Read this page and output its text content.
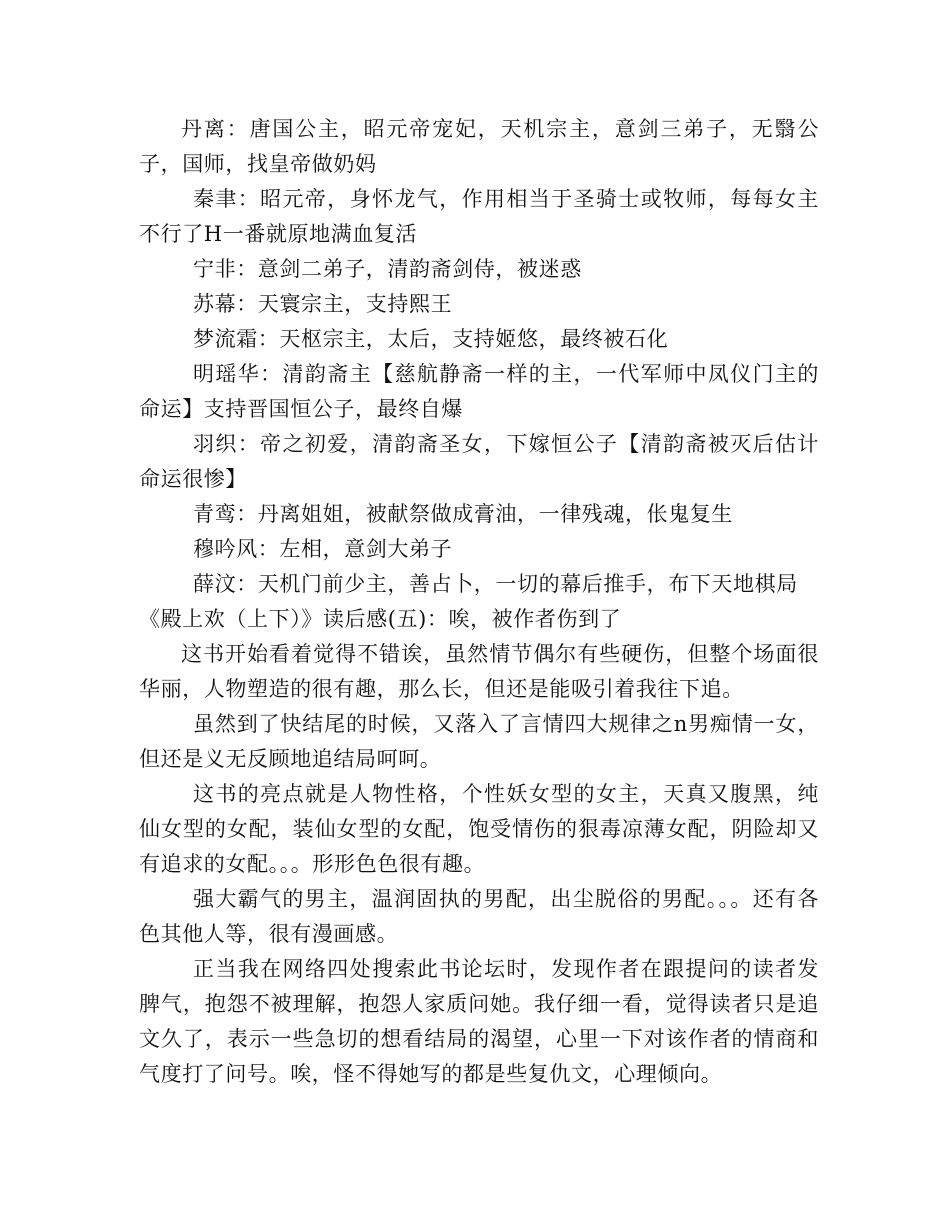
丹离：唐国公主，昭元帝宠妃，天机宗主，意剑三弟子，无翳公子，国师，找皇帝做奶妈

秦聿：昭元帝，身怀龙气，作用相当于圣骑士或牧师，每每女主不行了H一番就原地满血复活

宁非：意剑二弟子，清韵斋剑侍，被迷惑

苏幕：天寰宗主，支持熙王

梦流霜：天枢宗主，太后，支持姬悠，最终被石化

明瑶华：清韵斋主【慈航静斋一样的主，一代军师中凤仪门主的命运】支持晋国恒公子，最终自爆

羽织：帝之初爱，清韵斋圣女，下嫁恒公子【清韵斋被灭后估计命运很惨】

青鸾：丹离姐姐，被献祭做成膏油，一律残魂，伥鬼复生

穆吟风：左相，意剑大弟子

薛汶：天机门前少主，善占卜，一切的幕后推手，布下天地棋局

《殿上欢（上下）》读后感(五)：唉，被作者伤到了

这书开始看着觉得不错诶，虽然情节偶尔有些硬伤，但整个场面很华丽，人物塑造的很有趣，那么长，但还是能吸引着我往下追。

虽然到了快结尾的时候，又落入了言情四大规律之n男痴情一女，但还是义无反顾地追结局呵呵。

这书的亮点就是人物性格，个性妖女型的女主，天真又腹黑，纯仙女型的女配，装仙女型的女配，饱受情伤的狠毒凉薄女配，阴险却又有追求的女配。。。形形色色很有趣。

强大霸气的男主，温润固执的男配，出尘脱俗的男配。。。还有各色其他人等，很有漫画感。

正当我在网络四处搜索此书论坛时，发现作者在跟提问的读者发脾气，抱怨不被理解，抱怨人家质问她。我仔细一看，觉得读者只是追文久了，表示一些急切的想看结局的渴望，心里一下对该作者的情商和气度打了问号。唉，怪不得她写的都是些复仇文，心理倾向。
